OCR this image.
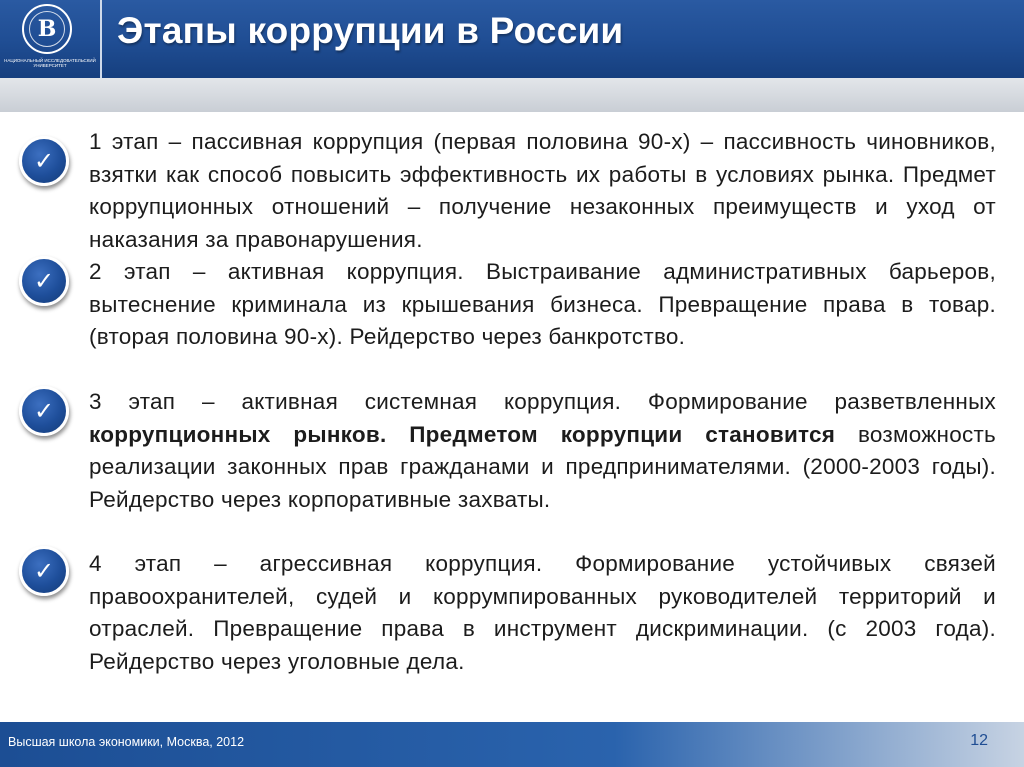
В
НАЦИОНАЛЬНЫЙ ИССЛЕДОВАТЕЛЬСКИЙ УНИВЕРСИТЕТ
Этапы коррупции в России
✓
1 этап – пассивная коррупция (первая половина 90-х) – пассивность чиновников, взятки как способ повысить эффективность их работы в условиях рынка. Предмет коррупционных отношений – получение незаконных преимуществ и уход от наказания за правонарушения.
✓ 2 этап – активная коррупция. Выстраивание административных барьеров, вытеснение криминала из крышевания бизнеса. Превращение права в товар. (вторая половина 90-х). Рейдерство через банкротство.
✓ 3 этап – активная системная коррупция. Формирование разветвленных коррупционных рынков. Предметом коррупции становится возможность реализации законных прав гражданами и предпринимателями. (2000-2003 годы). Рейдерство через корпоративные захваты.
✓ 4 этап – агрессивная коррупция. Формирование устойчивых связей правоохранителей, судей и коррумпированных руководителей территорий и отраслей. Превращение права в инструмент дискриминации. (с 2003 года). Рейдерство через уголовные дела.
Высшая школа экономики, Москва, 2012	12
